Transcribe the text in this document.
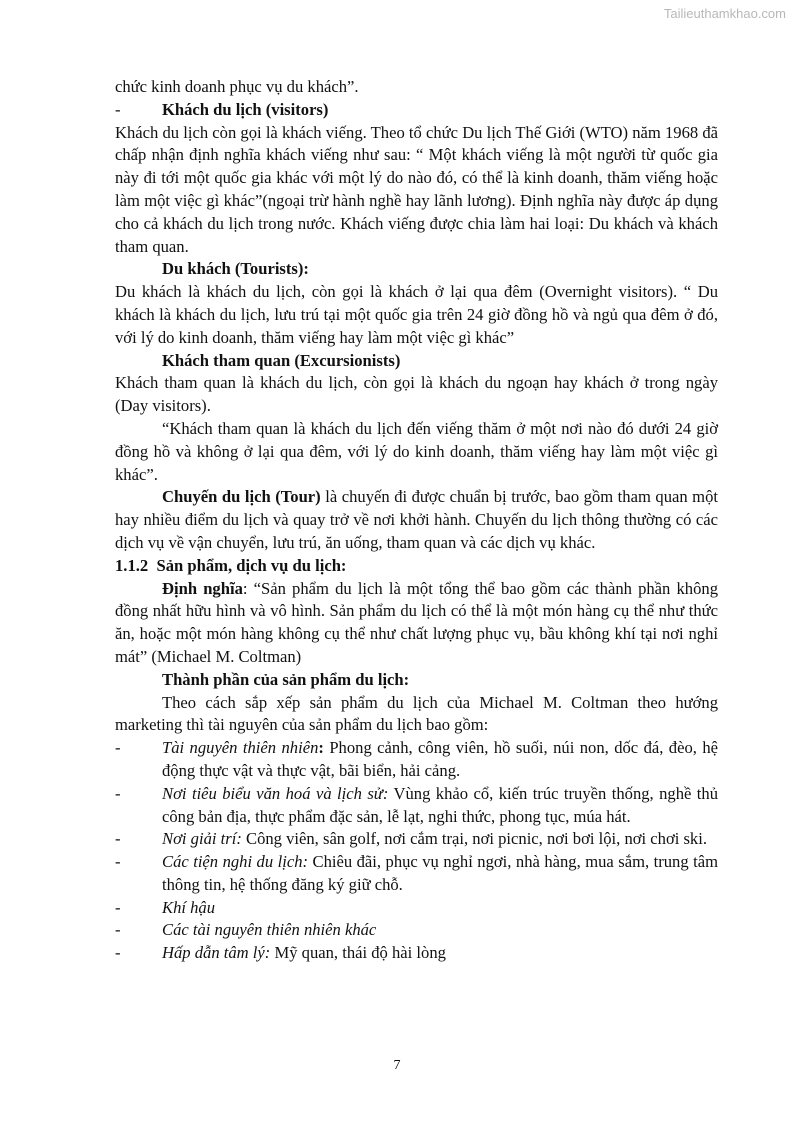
Tailieuthamkhao.com

chức kinh doanh phục vụ du khách”.

-	Khách du lịch (visitors)

Khách du lịch còn gọi là khách viếng. Theo tổ chức Du lịch Thế Giới (WTO) năm 1968 đã chấp nhận định nghĩa khách viếng như sau: “ Một khách viếng là một người từ quốc gia này đi tới một quốc gia khác với một lý do nào đó, có thể là kinh doanh, thăm viếng hoặc làm một việc gì khác”(ngoại trừ hành nghề hay lãnh lương). Định nghĩa này được áp dụng cho cả khách du lịch trong nước. Khách viếng được chia làm hai loại: Du khách và khách tham quan.

Du khách (Tourists):

Du khách là khách du lịch, còn gọi là khách ở lại qua đêm (Overnight visitors). “ Du khách là khách du lịch, lưu trú tại một quốc gia trên 24 giờ đồng hồ và ngủ qua đêm ở đó, với lý do kinh doanh, thăm viếng hay làm một việc gì khác”

Khách tham quan (Excursionists)

Khách tham quan là khách du lịch, còn gọi là khách du ngoạn hay khách ở trong ngày (Day visitors).

“Khách tham quan là khách du lịch đến viếng thăm ở một nơi nào đó dưới 24 giờ đồng hồ và không ở lại qua đêm, với lý do kinh doanh, thăm viếng hay làm một việc gì khác”.

Chuyến du lịch (Tour) là chuyến đi được chuẩn bị trước, bao gồm tham quan một hay nhiều điểm du lịch và quay trở về nơi khởi hành. Chuyến du lịch thông thường có các dịch vụ về vận chuyển, lưu trú, ăn uống, tham quan và các dịch vụ khác.

1.1.2 Sản phẩm, dịch vụ du lịch:

Định nghĩa: “Sản phẩm du lịch là một tổng thể bao gồm các thành phần không đồng nhất hữu hình và vô hình. Sản phẩm du lịch có thể là một món hàng cụ thể như thức ăn, hoặc một món hàng không cụ thể như chất lượng phục vụ, bầu không khí tại nơi nghỉ mát” (Michael M. Coltman)

Thành phần của sản phẩm du lịch:

Theo cách sắp xếp sản phẩm du lịch của Michael M. Coltman theo hướng marketing thì tài nguyên của sản phẩm du lịch bao gồm:

-	Tài nguyên thiên nhiên: Phong cảnh, công viên, hồ suối, núi non, dốc đá, đèo, hệ động thực vật và thực vật, bãi biển, hải cảng.
-	Nơi tiêu biểu văn hoá và lịch sử: Vùng khảo cổ, kiến trúc truyền thống, nghề thủ công bản địa, thực phẩm đặc sản, lễ lạt, nghi thức, phong tục, múa hát.
-	Nơi giải trí: Công viên, sân golf, nơi cắm trại, nơi picnic, nơi bơi lội, nơi chơi ski.
-	Các tiện nghi du lịch: Chiêu đãi, phục vụ nghỉ ngơi, nhà hàng, mua sắm, trung tâm thông tin, hệ thống đăng ký giữ chỗ.
-	Khí hậu
-	Các tài nguyên thiên nhiên khác
-	Hấp dẫn tâm lý: Mỹ quan, thái độ hài lòng
7
